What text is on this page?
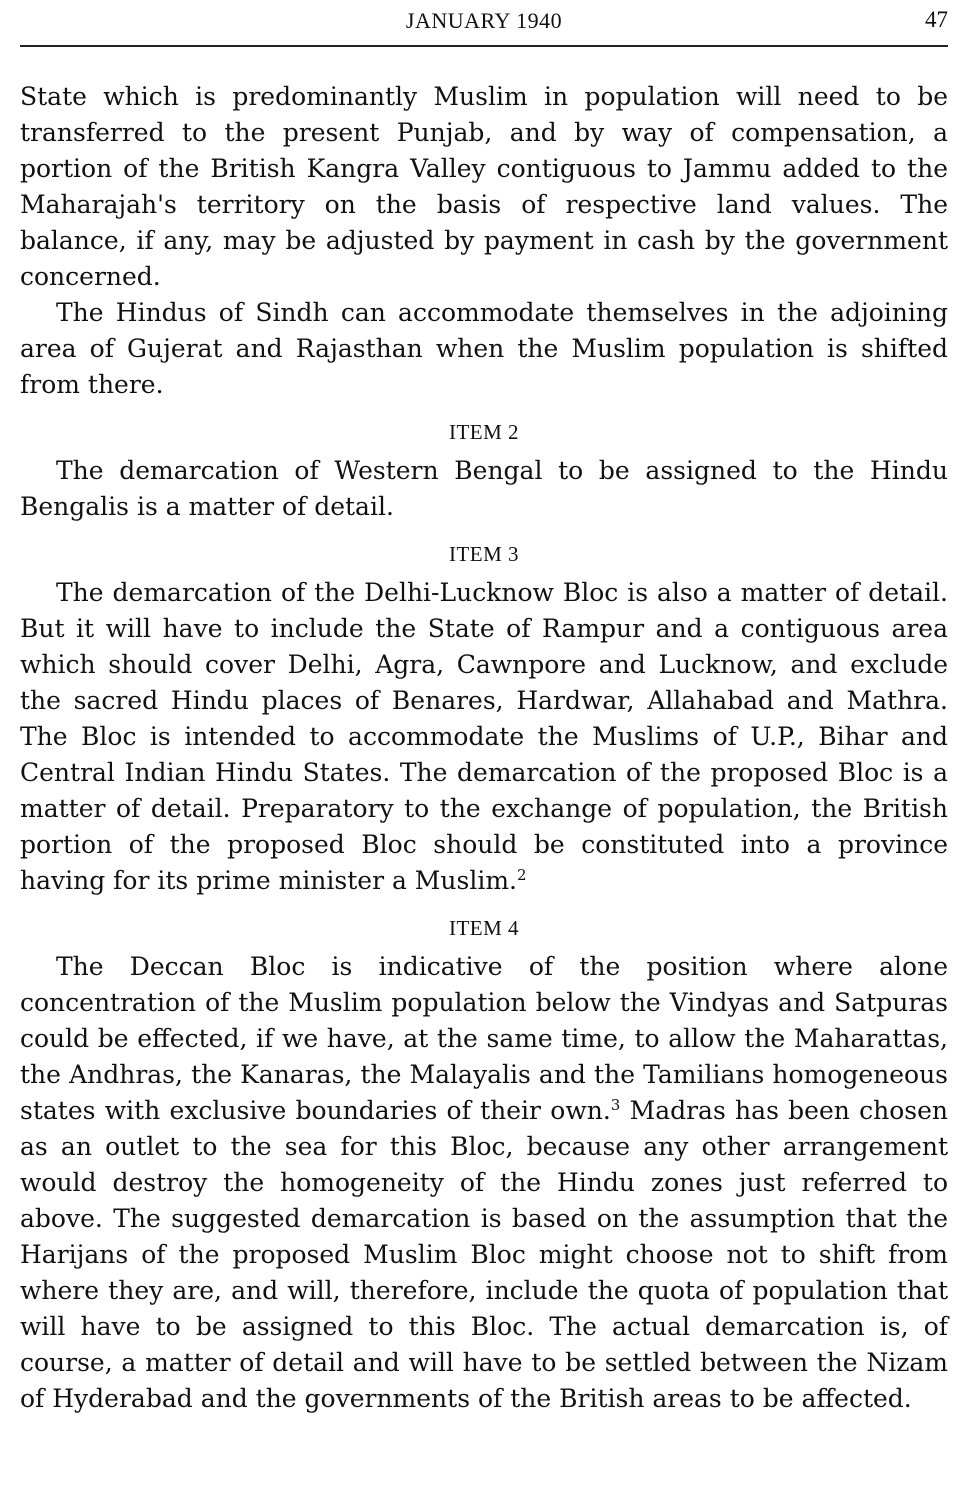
JANUARY 1940	47

State which is predominantly Muslim in population will need to be transferred to the present Punjab, and by way of compensation, a portion of the British Kangra Valley contiguous to Jammu added to the Maharajah's territory on the basis of respective land values. The balance, if any, may be adjusted by payment in cash by the government concerned.

The Hindus of Sindh can accommodate themselves in the adjoining area of Gujerat and Rajasthan when the Muslim population is shifted from there.

ITEM 2

The demarcation of Western Bengal to be assigned to the Hindu Bengalis is a matter of detail.

ITEM 3

The demarcation of the Delhi-Lucknow Bloc is also a matter of detail. But it will have to include the State of Rampur and a contiguous area which should cover Delhi, Agra, Cawnpore and Lucknow, and exclude the sacred Hindu places of Benares, Hardwar, Allahabad and Mathra. The Bloc is intended to accommodate the Muslims of U.P., Bihar and Central Indian Hindu States. The demarcation of the proposed Bloc is a matter of detail. Preparatory to the exchange of population, the British portion of the proposed Bloc should be constituted into a province having for its prime minister a Muslim.$^2$

ITEM 4

The Deccan Bloc is indicative of the position where alone concentration of the Muslim population below the Vindyas and Satpuras could be effected, if we have, at the same time, to allow the Maharattas, the Andhras, the Kanaras, the Malayalis and the Tamilians homogeneous states with exclusive boundaries of their own.$^3$ Madras has been chosen as an outlet to the sea for this Bloc, because any other arrangement would destroy the homogeneity of the Hindu zones just referred to above. The suggested demarcation is based on the assumption that the Harijans of the proposed Muslim Bloc might choose not to shift from where they are, and will, therefore, include the quota of population that will have to be assigned to this Bloc. The actual demarcation is, of course, a matter of detail and will have to be settled between the Nizam of Hyderabad and the governments of the British areas to be affected.
